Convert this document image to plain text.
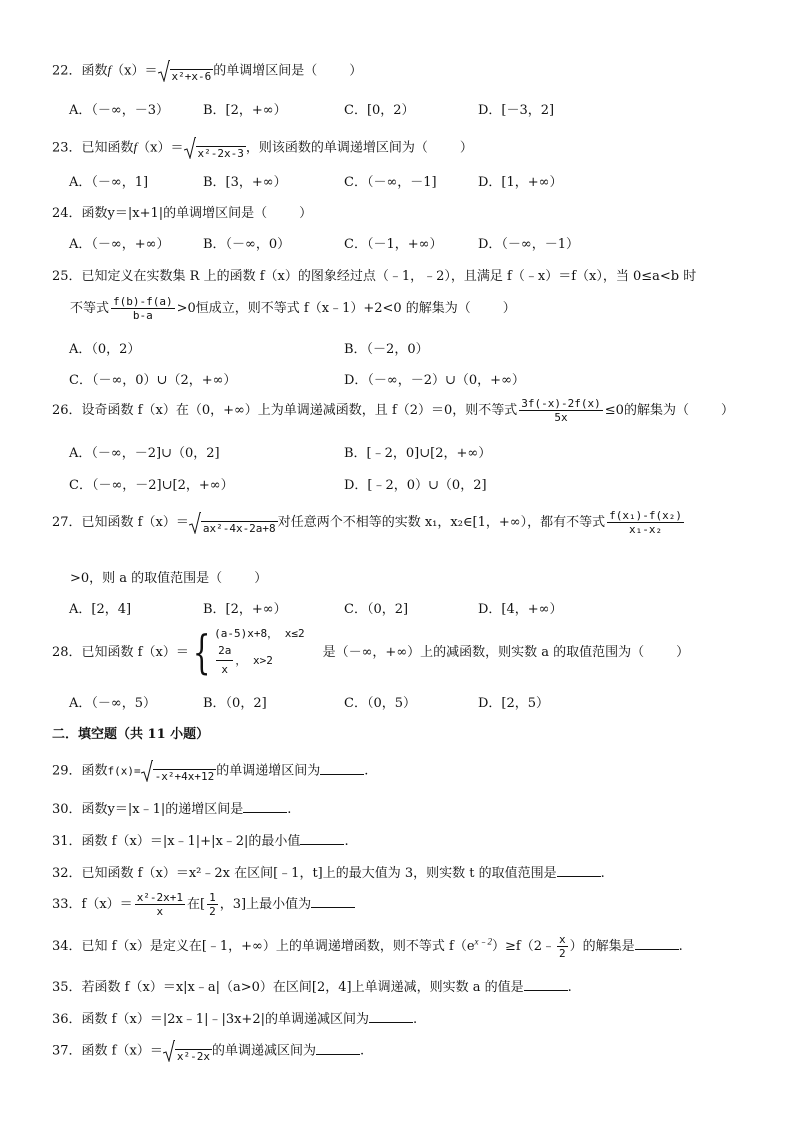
22．函数f（x）＝ x²+x-6 的单调增区间是（ ）
A．（－∞，－3）	B．[2，+∞）	C．[0，2）	D．[－3，2]
23．已知函数f（x）＝ x²-2x-3 ，则该函数的单调递增区间为（ ）
A．（－∞，1]	B．[3，+∞）	C．（－∞，－1]	D．[1，+∞）
24．函数y＝|x+1|的单调增区间是（ ）
A．（－∞，+∞）	B．（－∞，0）	C．（－1，+∞）	D．（－∞，－1）
25．已知定义在实数集 R 上的函数 f（x）的图象经过点（﹣1，﹣2），且满足 f（﹣x）＝f（x），当 0≤a<b 时
不等式 $\frac{f(b)-f(a)}{b-a} >0$恒成立，则不等式 f（x﹣1）+2<0 的解集为（ ）
A．（0，2）	B．（－2，0）
C．（－∞，0）∪（2，+∞）	D．（－∞，－2）∪（0，+∞）
26．设奇函数 f（x）在（0，+∞）上为单调递减函数，且 f（2）＝0，则不等式 $\frac{3f(-x)-2f(x)}{5x} \le 0$的解集为（ ）
A．（－∞，－2]∪（0，2]	B．[﹣2，0]∪[2，+∞）
C．（－∞，－2]∪[2，+∞）	D．[﹣2，0）∪（0，2]
27．已知函数 f（x）＝ ax²-4x-2a+8 对任意两个不相等的实数 x₁，x₂∈[1，+∞），都有不等式 $\frac{\text{f(x₁)-f(x₂)}}{\text{x₁-x₂}}$
>0，则 a 的取值范围是（ ）
A．[2，4]	B．[2，+∞）	C．（0，2]	D．[4，+∞）
28．已知函数 f（x）＝{ (a-5)x+8， x≤2
$\frac{2a}{x}$ ， x>2
是（－∞，+∞）上的减函数，则实数 a 的取值范围为（ ）
A．（－∞，5）	B．（0，2]	C．（0，5）	D．[2，5）
二．填空题（共 11 小题）
29．函数f(x)= -x²+4x+12 的单调递增区间为	.
30．函数y＝|x﹣1|的递增区间是	.
31．函数 f（x）＝|x﹣1|+|x﹣2|的最小值	.
32．已知函数 f（x）＝x²﹣2x 在区间[﹣1，t]上的最大值为 3，则实数 t 的取值范围是	.
33．$f(x)= \frac{\text{x²-2x+1}}{x}$ 在[ $\frac{1}{2}$ ，3]上最小值为
34．已知 f（x）是定义在[﹣1，+∞）上的单调递增函数，则不等式 $f(e^{x﹣2})\ge f(2﹣ \frac{x}{2}$ ）的解集是	.
35．若函数 f（x）＝x|x﹣a|（a>0）在区间[2，4]上单调递减，则实数 a 的值是	.
36．函数 f（x）＝|2x﹣1|﹣|3x+2|的单调递减区间为	.
37．函数 f（x）＝ x²-2x 的单调递减区间为	.
